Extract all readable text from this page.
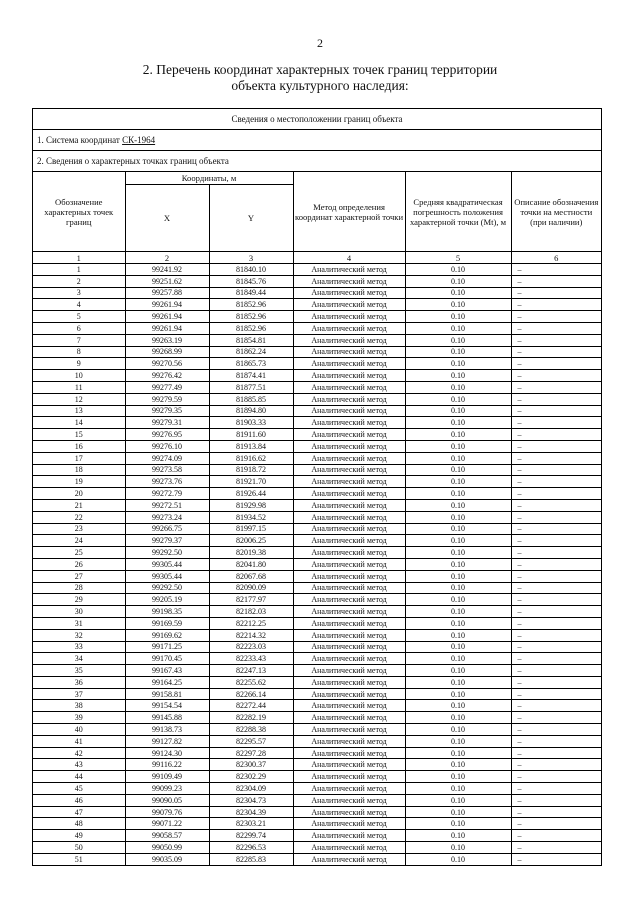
2
2. Перечень координат характерных точек границ территории
объекта культурного наследия:
Сведения о местоположении границ объекта
1. Система координат СК-1964
2. Сведения о характерных точках границ объекта
Обозначение характерных точек границ	Координаты, м		Метод определения координат характерной точки	Средняя квадратическая погрешность положения характерной точки (Mt), м	Описание обозначения точки на местности (при наличии)
	X	Y			
1	2	3	4	5	6
1	99241.92	81840.10	Аналитический метод	0.10	–
2	99251.62	81845.76	Аналитический метод	0.10	–
3	99257.88	81849.44	Аналитический метод	0.10	–
4	99261.94	81852.96	Аналитический метод	0.10	–
5	99261.94	81852.96	Аналитический метод	0.10	–
6	99261.94	81852.96	Аналитический метод	0.10	–
7	99263.19	81854.81	Аналитический метод	0.10	–
8	99268.99	81862.24	Аналитический метод	0.10	–
9	99270.56	81865.73	Аналитический метод	0.10	–
10	99276.42	81874.41	Аналитический метод	0.10	–
11	99277.49	81877.51	Аналитический метод	0.10	–
12	99279.59	81885.85	Аналитический метод	0.10	–
13	99279.35	81894.80	Аналитический метод	0.10	–
14	99279.31	81903.33	Аналитический метод	0.10	–
15	99276.95	81911.60	Аналитический метод	0.10	–
16	99276.10	81913.84	Аналитический метод	0.10	–
17	99274.09	81916.62	Аналитический метод	0.10	–
18	99273.58	81918.72	Аналитический метод	0.10	–
19	99273.76	81921.70	Аналитический метод	0.10	–
20	99272.79	81926.44	Аналитический метод	0.10	–
21	99272.51	81929.98	Аналитический метод	0.10	–
22	99273.24	81934.52	Аналитический метод	0.10	–
23	99266.75	81997.15	Аналитический метод	0.10	–
24	99279.37	82006.25	Аналитический метод	0.10	–
25	99292.50	82019.38	Аналитический метод	0.10	–
26	99305.44	82041.80	Аналитический метод	0.10	–
27	99305.44	82067.68	Аналитический метод	0.10	–
28	99292.50	82090.09	Аналитический метод	0.10	–
29	99205.19	82177.97	Аналитический метод	0.10	–
30	99198.35	82182.03	Аналитический метод	0.10	–
31	99169.59	82212.25	Аналитический метод	0.10	–
32	99169.62	82214.32	Аналитический метод	0.10	–
33	99171.25	82223.03	Аналитический метод	0.10	–
34	99170.45	82233.43	Аналитический метод	0.10	–
35	99167.43	82247.13	Аналитический метод	0.10	–
36	99164.25	82255.62	Аналитический метод	0.10	–
37	99158.81	82266.14	Аналитический метод	0.10	–
38	99154.54	82272.44	Аналитический метод	0.10	–
39	99145.88	82282.19	Аналитический метод	0.10	–
40	99138.73	82288.38	Аналитический метод	0.10	–
41	99127.82	82295.57	Аналитический метод	0.10	–
42	99124.30	82297.28	Аналитический метод	0.10	–
43	99116.22	82300.37	Аналитический метод	0.10	–
44	99109.49	82302.29	Аналитический метод	0.10	–
45	99099.23	82304.09	Аналитический метод	0.10	–
46	99090.05	82304.73	Аналитический метод	0.10	–
47	99079.76	82304.39	Аналитический метод	0.10	–
48	99071.22	82303.21	Аналитический метод	0.10	–
49	99058.57	82299.74	Аналитический метод	0.10	–
50	99050.99	82296.53	Аналитический метод	0.10	–
51	99035.09	82285.83	Аналитический метод	0.10	–
